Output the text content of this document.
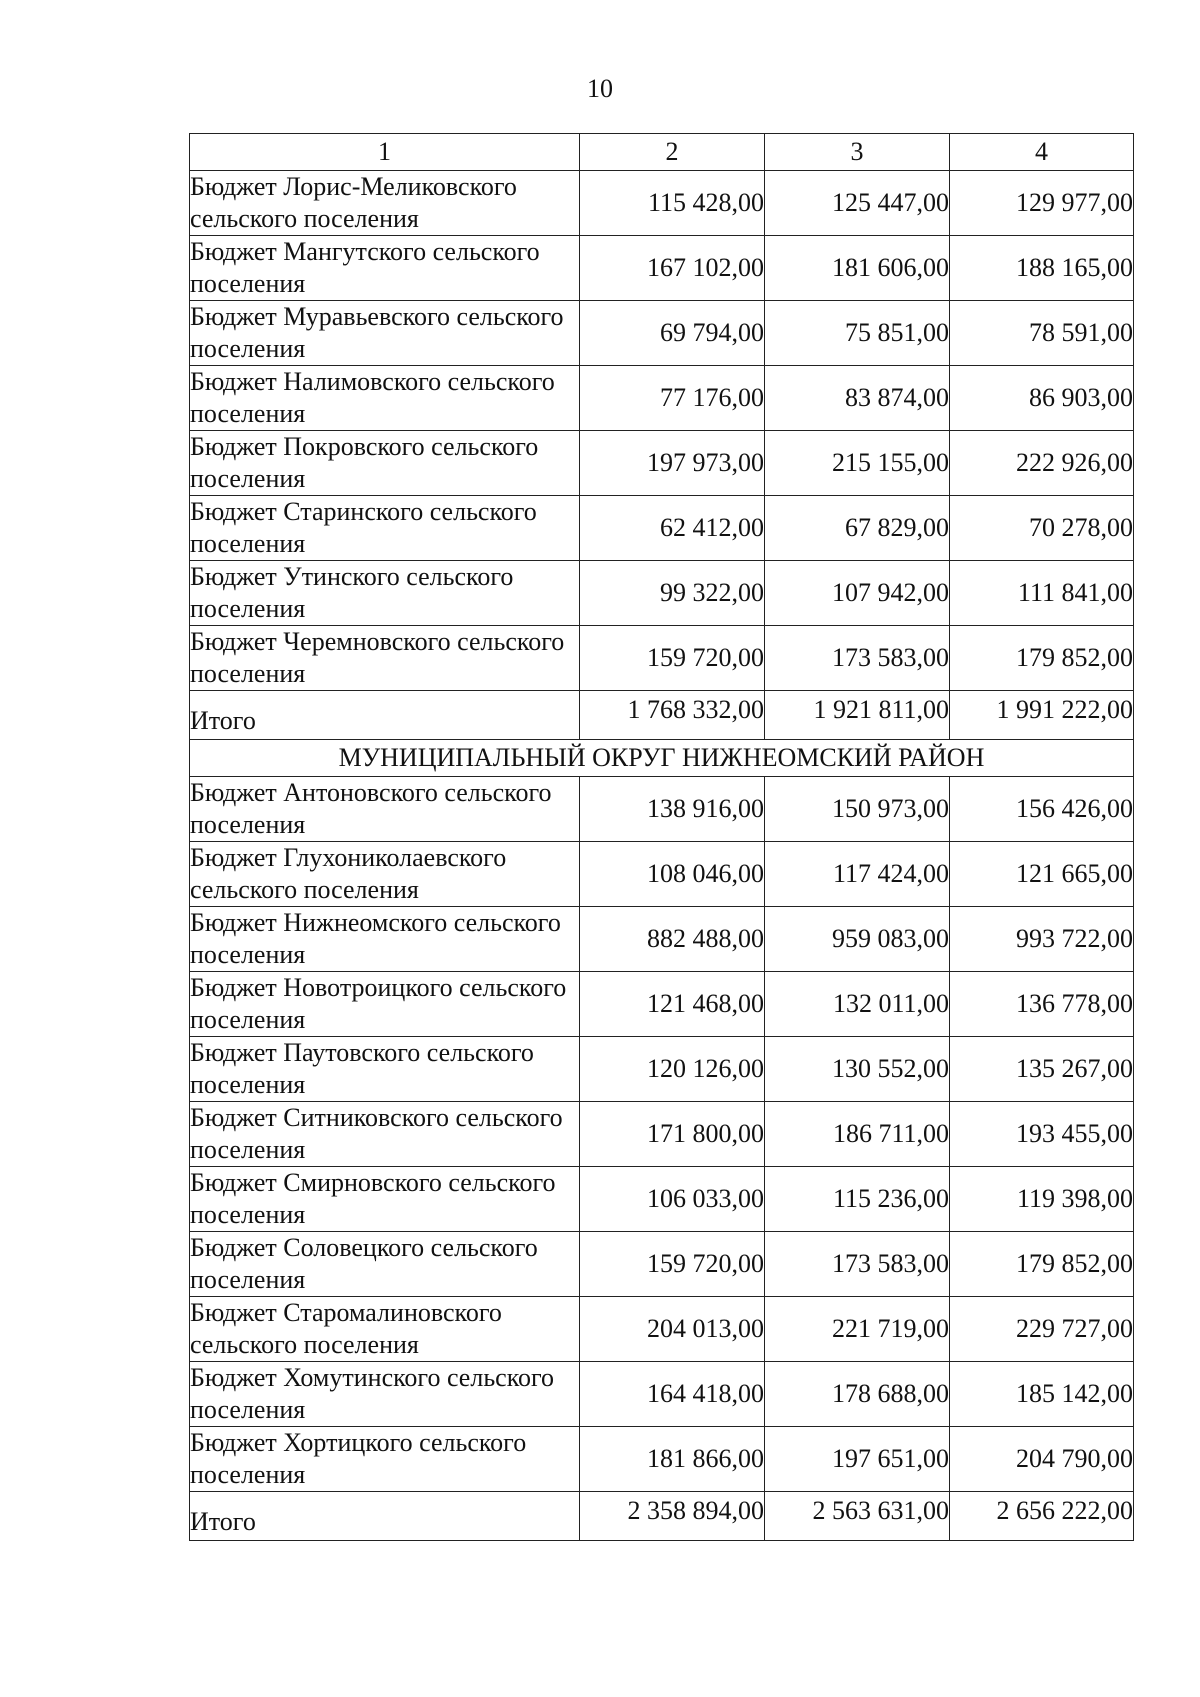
10
1	2	3	4
Бюджет Лорис-Меликовского сельского поселения	115 428,00	125 447,00	129 977,00
Бюджет Мангутского сельского поселения	167 102,00	181 606,00	188 165,00
Бюджет Муравьевского сельского поселения	69 794,00	75 851,00	78 591,00
Бюджет Налимовского сельского поселения	77 176,00	83 874,00	86 903,00
Бюджет Покровского сельского поселения	197 973,00	215 155,00	222 926,00
Бюджет Старинского сельского поселения	62 412,00	67 829,00	70 278,00
Бюджет Утинского сельского поселения	99 322,00	107 942,00	111 841,00
Бюджет Черемновского сельского поселения	159 720,00	173 583,00	179 852,00
Итого	1 768 332,00	1 921 811,00	1 991 222,00
МУНИЦИПАЛЬНЫЙ ОКРУГ НИЖНЕОМСКИЙ РАЙОН			
Бюджет Антоновского сельского поселения	138 916,00	150 973,00	156 426,00
Бюджет Глухониколаевского сельского поселения	108 046,00	117 424,00	121 665,00
Бюджет Нижнеомского сельского поселения	882 488,00	959 083,00	993 722,00
Бюджет Новотроицкого сельского поселения	121 468,00	132 011,00	136 778,00
Бюджет Паутовского сельского поселения	120 126,00	130 552,00	135 267,00
Бюджет Ситниковского сельского поселения	171 800,00	186 711,00	193 455,00
Бюджет Смирновского сельского поселения	106 033,00	115 236,00	119 398,00
Бюджет Соловецкого сельского поселения	159 720,00	173 583,00	179 852,00
Бюджет Старомалиновского сельского поселения	204 013,00	221 719,00	229 727,00
Бюджет Хомутинского сельского поселения	164 418,00	178 688,00	185 142,00
Бюджет Хортицкого сельского поселения	181 866,00	197 651,00	204 790,00
Итого	2 358 894,00	2 563 631,00	2 656 222,00
